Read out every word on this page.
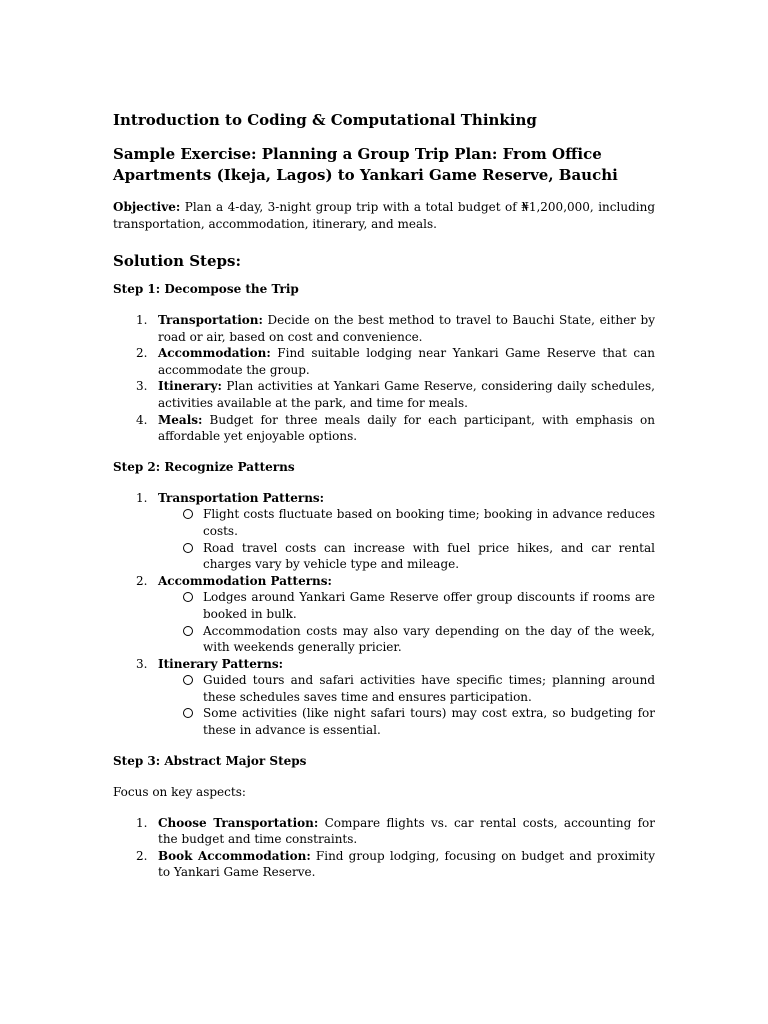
Introduction to Coding & Computational Thinking
Sample Exercise: Planning a Group Trip Plan: From Office Apartments (Ikeja, Lagos) to Yankari Game Reserve, Bauchi

Objective: Plan a 4-day, 3-night group trip with a total budget of ₦1,200,000, including transportation, accommodation, itinerary, and meals.

Solution Steps:
Step 1: Decompose the Trip
1. Transportation: Decide on the best method to travel to Bauchi State, either by road or air, based on cost and convenience.
2. Accommodation: Find suitable lodging near Yankari Game Reserve that can accommodate the group.
3. Itinerary: Plan activities at Yankari Game Reserve, considering daily schedules, activities available at the park, and time for meals.
4. Meals: Budget for three meals daily for each participant, with emphasis on affordable yet enjoyable options.
Step 2: Recognize Patterns
1. Transportation Patterns:
Flight costs fluctuate based on booking time; booking in advance reduces costs.
Road travel costs can increase with fuel price hikes, and car rental charges vary by vehicle type and mileage.
2. Accommodation Patterns:
Lodges around Yankari Game Reserve offer group discounts if rooms are booked in bulk.
Accommodation costs may also vary depending on the day of the week, with weekends generally pricier.
3. Itinerary Patterns:
Guided tours and safari activities have specific times; planning around these schedules saves time and ensures participation.
Some activities (like night safari tours) may cost extra, so budgeting for these in advance is essential.
Step 3: Abstract Major Steps

Focus on key aspects:

1. Choose Transportation: Compare flights vs. car rental costs, accounting for the budget and time constraints.
2. Book Accommodation: Find group lodging, focusing on budget and proximity to Yankari Game Reserve.
